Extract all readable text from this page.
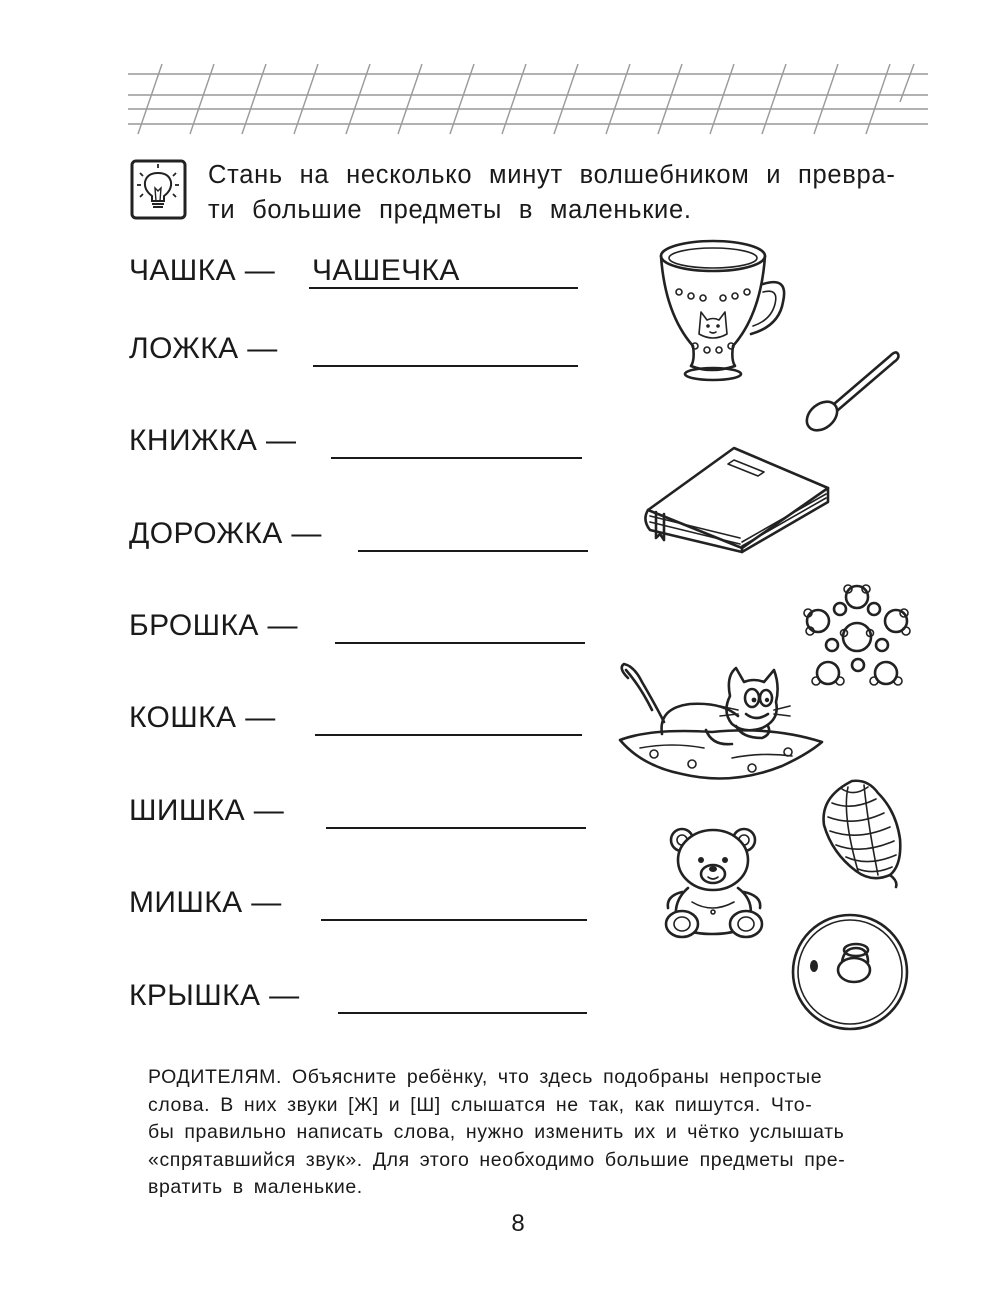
Стань на несколько минут волшебником и превра-
ти большие предметы в маленькие.
ЧАШКА — ЧАШЕЧКА
ЛОЖКА —
КНИЖКА —
ДОРОЖКА —
БРОШКА —
КОШКА —
ШИШКА —
МИШКА —
КРЫШКА —
РОДИТЕЛЯМ. Объясните ребёнку, что здесь подобраны непростые
слова. В них звуки [Ж] и [Ш] слышатся не так, как пишутся. Что-
бы правильно написать слова, нужно изменить их и чётко услышать
«спрятавшийся звук». Для этого необходимо большие предметы пре-
вратить в маленькие.
8
